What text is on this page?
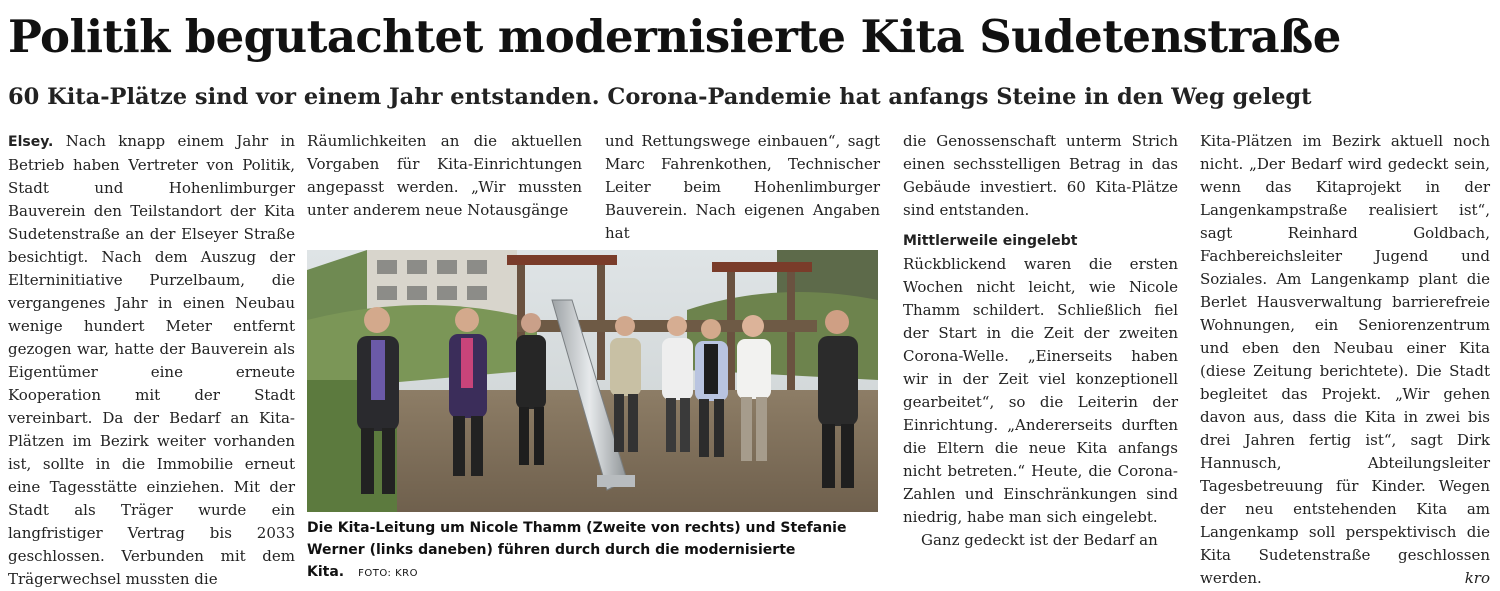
Politik begutachtet modernisierte Kita Sudetenstraße
60 Kita-Plätze sind vor einem Jahr entstanden. Corona-Pandemie hat anfangs Steine in den Weg gelegt

Elsey. Nach knapp einem Jahr in Betrieb haben Vertreter von Politik, Stadt und Hohenlimburger Bauverein den Teilstandort der Kita Sudetenstraße an der Elseyer Straße besichtigt. Nach dem Auszug der Elterninitiative Purzelbaum, die vergangenes Jahr in einen Neubau wenige hundert Meter entfernt gezogen war, hatte der Bauverein als Eigentümer eine erneute Kooperation mit der Stadt vereinbart. Da der Bedarf an Kita-Plätzen im Bezirk weiter vorhanden ist, sollte in die Immobilie erneut eine Tagesstätte einziehen. Mit der Stadt als Träger wurde ein langfristiger Vertrag bis 2033 geschlossen. Verbunden mit dem Trägerwechsel mussten die

Räumlichkeiten an die aktuellen Vorgaben für Kita-Einrichtungen angepasst werden. „Wir mussten unter anderem neue Notausgänge

und Rettungswege einbauen“, sagt Marc Fahrenkothen, Technischer Leiter beim Hohenlimburger Bauverein. Nach eigenen Angaben hat

Die Kita-Leitung um Nicole Thamm (Zweite von rechts) und Stefanie Werner (links daneben) führen durch durch die modernisierte Kita. FOTO: KRO

die Genossenschaft unterm Strich einen sechsstelligen Betrag in das Gebäude investiert. 60 Kita-Plätze sind entstanden.

Mittlerweile eingelebt

Rückblickend waren die ersten Wochen nicht leicht, wie Nicole Thamm schildert. Schließlich fiel der Start in die Zeit der zweiten Corona-Welle. „Einerseits haben wir in der Zeit viel konzeptionell gearbeitet“, so die Leiterin der Einrichtung. „Andererseits durften die Eltern die neue Kita anfangs nicht betreten.“ Heute, die Corona-Zahlen und Einschränkungen sind niedrig, habe man sich eingelebt.

Ganz gedeckt ist der Bedarf an

Kita-Plätzen im Bezirk aktuell noch nicht. „Der Bedarf wird gedeckt sein, wenn das Kitaprojekt in der Langenkampstraße realisiert ist“, sagt Reinhard Goldbach, Fachbereichsleiter Jugend und Soziales. Am Langenkamp plant die Berlet Hausverwaltung barrierefreie Wohnungen, ein Seniorenzentrum und eben den Neubau einer Kita (diese Zeitung berichtete). Die Stadt begleitet das Projekt. „Wir gehen davon aus, dass die Kita in zwei bis drei Jahren fertig ist“, sagt Dirk Hannusch, Abteilungsleiter Tagesbetreuung für Kinder. Wegen der neu entstehenden Kita am Langenkamp soll perspektivisch die Kita Sudetenstraße geschlossen werden.	kro
